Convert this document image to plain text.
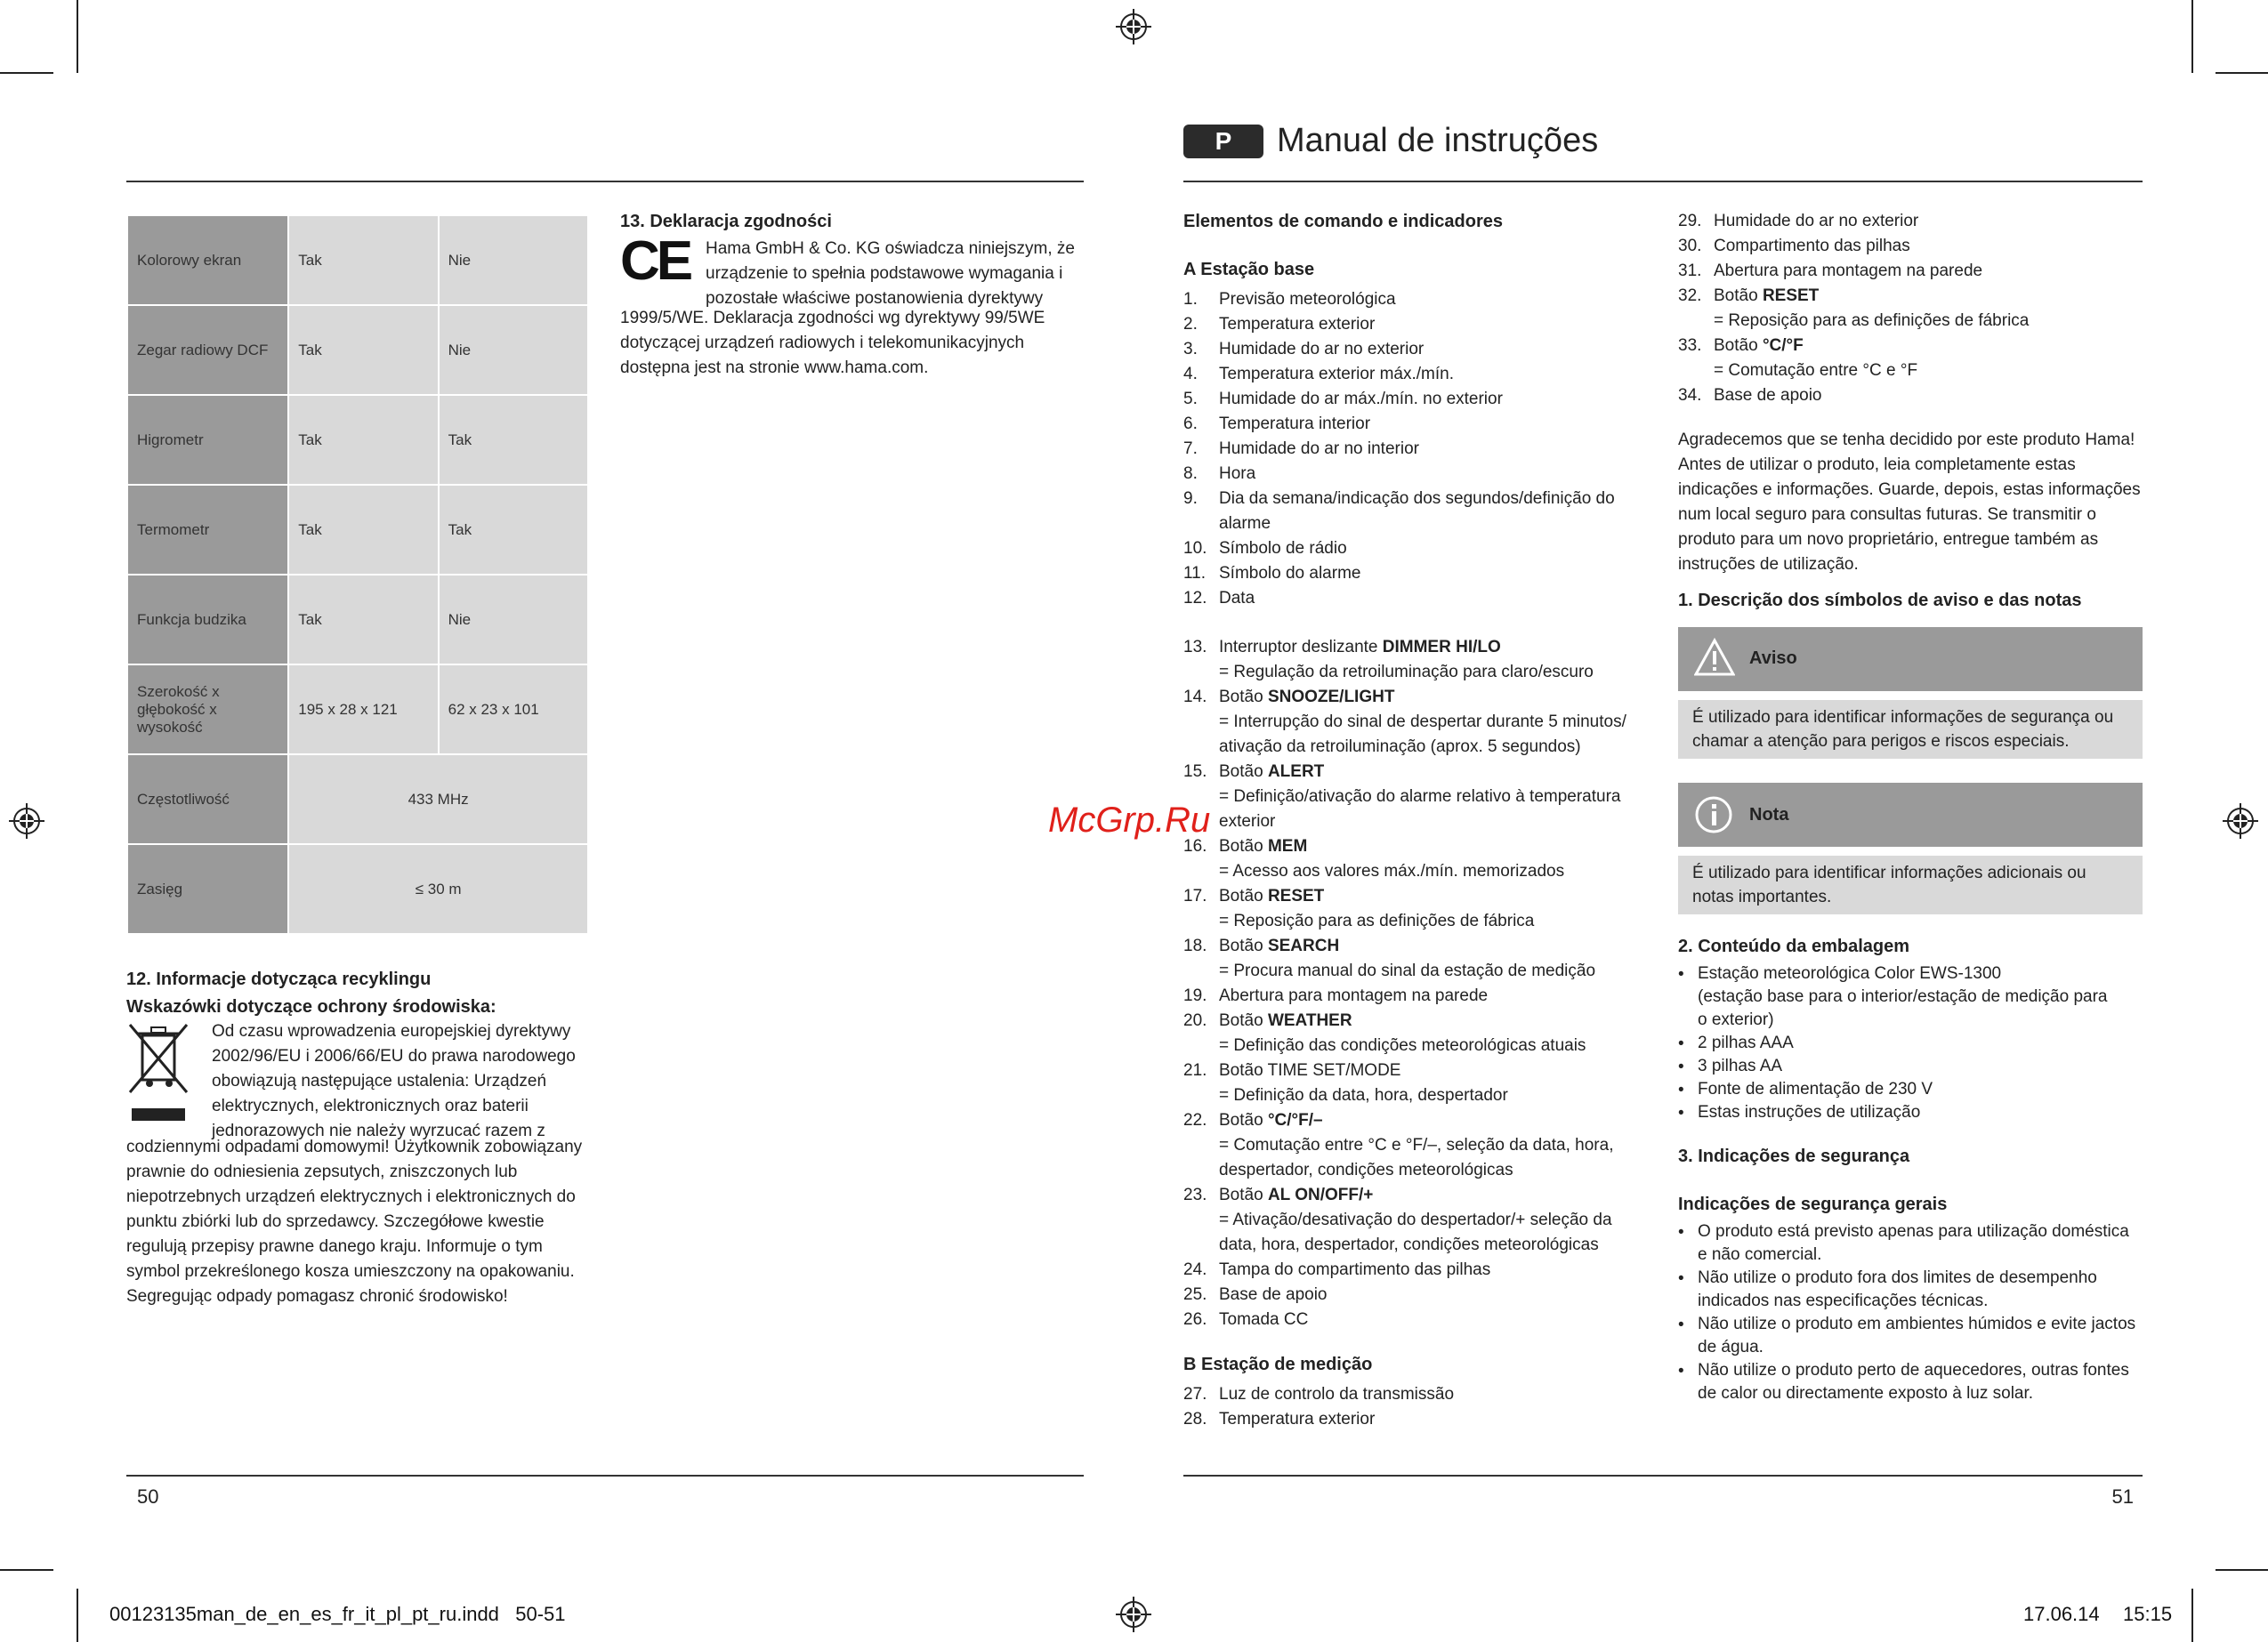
P	Manual de instruções
Kolorowy ekran	Tak	Nie
Zegar radiowy DCF	Tak	Nie
Higrometr	Tak	Tak
Termometr	Tak	Tak
Funkcja budzika	Tak	Nie
Szerokość x głębokość x wysokość	195 x 28 x 121	62 x 23 x 101
Częstotliwość	433 MHz	
Zasięg	≤ 30 m	
12. Informacje dotycząca recyklingu
Wskazówki dotyczące ochrony środowiska:
Od czasu wprowadzenia europejskiej dyrektywy
2002/96/EU i 2006/66/EU do prawa narodowego
obowiązują następujące ustalenia: Urządzeń
elektrycznych, elektronicznych oraz baterii
jednorazowych nie należy wyrzucać razem z
codziennymi odpadami domowymi! Użytkownik zobowiązany
prawnie do odniesienia zepsutych, zniszczonych lub
niepotrzebnych urządzeń elektrycznych i elektronicznych do
punktu zbiórki lub do sprzedawcy. Szczegółowe kwestie
regulują przepisy prawne danego kraju. Informuje o tym
symbol przekreślonego kosza umieszczony na opakowaniu.
Segregując odpady pomagasz chronić środowisko!
13. Deklaracja zgodności
CE Hama GmbH & Co. KG oświadcza niniejszym, że
urządzenie to spełnia podstawowe wymagania i
pozostałe właściwe postanowienia dyrektywy
1999/5/WE. Deklaracja zgodności wg dyrektywy 99/5WE
dotyczącej urządzeń radiowych i telekomunikacyjnych
dostępna jest na stronie www.hama.com.
McGrp.Ru
Elementos de comando e indicadores
A Estação base
1.	Previsão meteorológica
2.	Temperatura exterior
3.	Humidade do ar no exterior
4.	Temperatura exterior máx./mín.
5.	Humidade do ar máx./mín. no exterior
6.	Temperatura interior
7.	Humidade do ar no interior
8.	Hora
9.	Dia da semana/indicação dos segundos/definição do
alarme
10. Símbolo de rádio
11. Símbolo do alarme
12. Data
13. Interruptor deslizante DIMMER HI/LO
= Regulação da retroiluminação para claro/escuro
14. Botão SNOOZE/LIGHT
= Interrupção do sinal de despertar durante 5 minutos/
ativação da retroiluminação (aprox. 5 segundos)
15. Botão ALERT
= Definição/ativação do alarme relativo à temperatura
exterior
16. Botão MEM
= Acesso aos valores máx./mín. memorizados
17. Botão RESET
= Reposição para as definições de fábrica
18. Botão SEARCH
= Procura manual do sinal da estação de medição
19. Abertura para montagem na parede
20. Botão WEATHER
= Definição das condições meteorológicas atuais
21. Botão TIME SET/MODE
= Definição da data, hora, despertador
22. Botão °C/°F/–
= Comutação entre °C e °F/–, seleção da data, hora,
despertador, condições meteorológicas
23. Botão AL ON/OFF/+
= Ativação/desativação do despertador/+ seleção da
data, hora, despertador, condições meteorológicas
24. Tampa do compartimento das pilhas
25. Base de apoio
26. Tomada CC
B Estação de medição
27. Luz de controlo da transmissão
28. Temperatura exterior
29. Humidade do ar no exterior
30. Compartimento das pilhas
31. Abertura para montagem na parede
32. Botão RESET
= Reposição para as definições de fábrica
33. Botão °C/°F
= Comutação entre °C e °F
34. Base de apoio
Agradecemos que se tenha decidido por este produto Hama!
Antes de utilizar o produto, leia completamente estas
indicações e informações. Guarde, depois, estas informações
num local seguro para consultas futuras. Se transmitir o
produto para um novo proprietário, entregue também as
instruções de utilização.
1. Descrição dos símbolos de aviso e das notas
Aviso
É utilizado para identificar informações de segurança ou
chamar a atenção para perigos e riscos especiais.
Nota
É utilizado para identificar informações adicionais ou
notas importantes.
2. Conteúdo da embalagem
• Estação meteorológica Color EWS-1300
(estação base para o interior/estação de medição para
o exterior)
• 2 pilhas AAA
• 3 pilhas AA
• Fonte de alimentação de 230 V
• Estas instruções de utilização
3. Indicações de segurança
Indicações de segurança gerais
• O produto está previsto apenas para utilização doméstica
e não comercial.
• Não utilize o produto fora dos limites de desempenho
indicados nas especificações técnicas.
• Não utilize o produto em ambientes húmidos e evite jactos
de água.
• Não utilize o produto perto de aquecedores, outras fontes
de calor ou directamente exposto à luz solar.
50	51
00123135man_de_en_es_fr_it_pl_pt_ru.indd   50-51	17.06.14 15:15
